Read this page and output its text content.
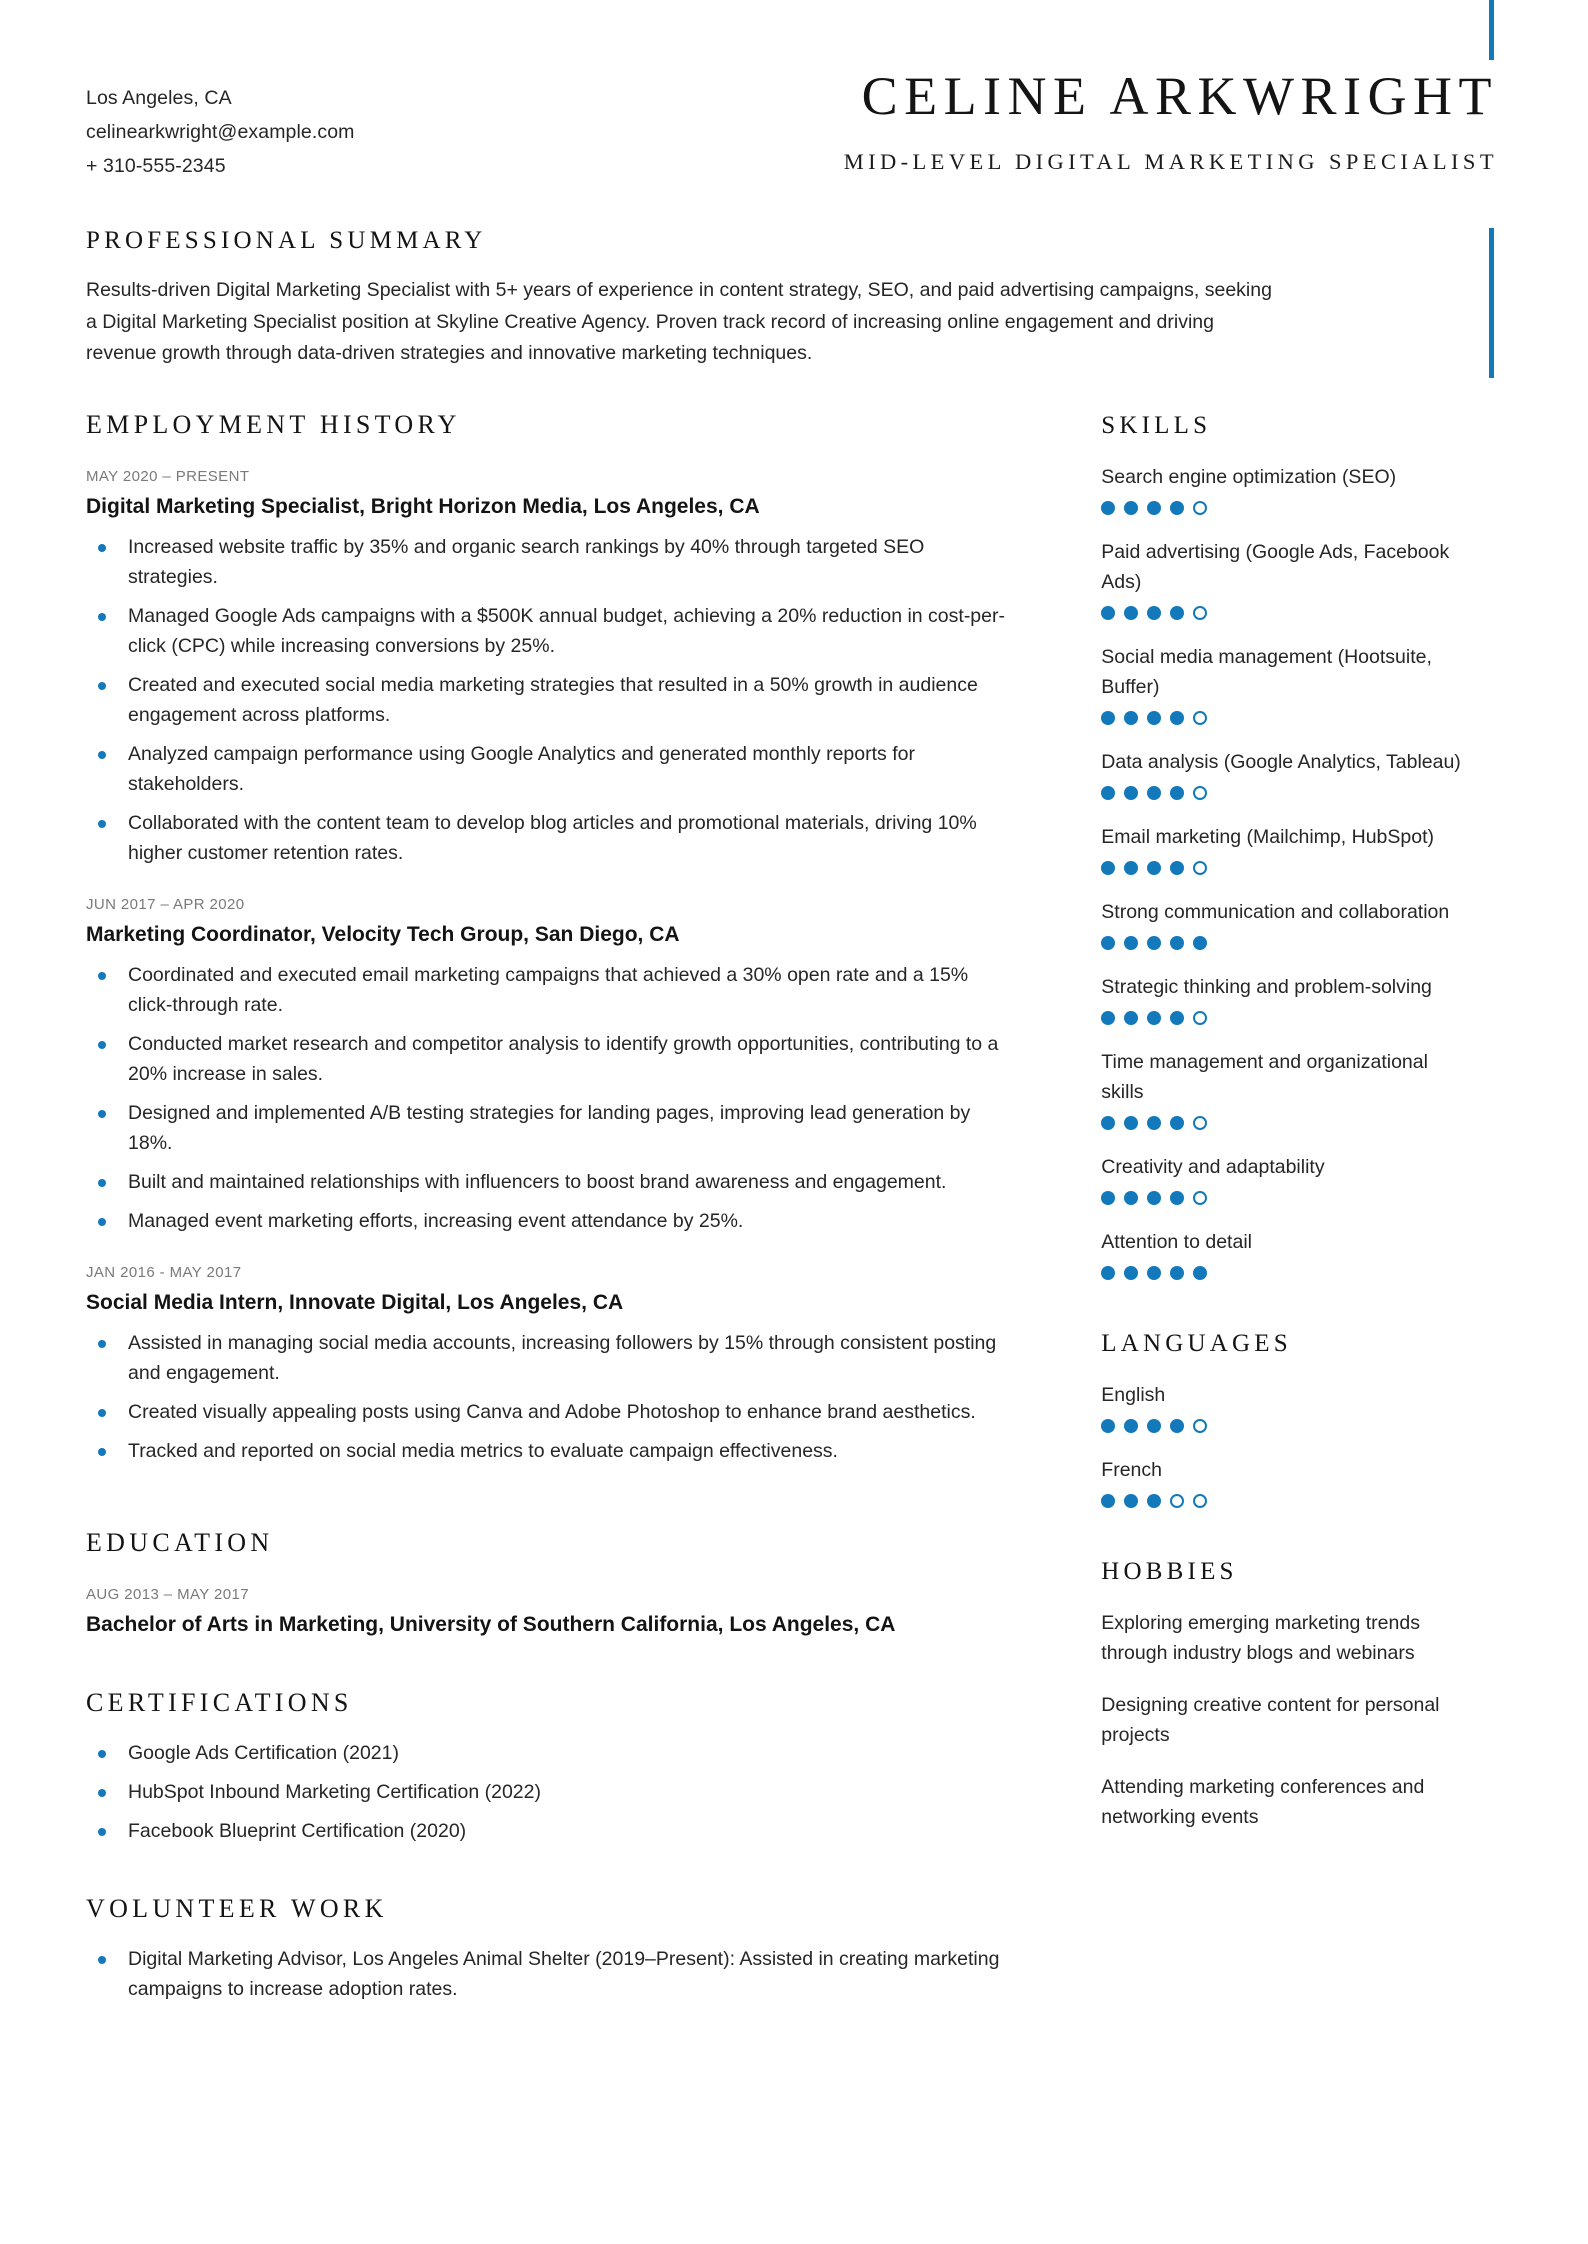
Los Angeles, CA
celinearkwright@example.com
+ 310-555-2345
CELINE ARKWRIGHT
MID-LEVEL DIGITAL MARKETING SPECIALIST
PROFESSIONAL SUMMARY
Results-driven Digital Marketing Specialist with 5+ years of experience in content strategy, SEO, and paid advertising campaigns, seeking a Digital Marketing Specialist position at Skyline Creative Agency. Proven track record of increasing online engagement and driving revenue growth through data-driven strategies and innovative marketing techniques.
EMPLOYMENT HISTORY
MAY 2020 – PRESENT
Digital Marketing Specialist, Bright Horizon Media, Los Angeles, CA
Increased website traffic by 35% and organic search rankings by 40% through targeted SEO strategies.
Managed Google Ads campaigns with a $500K annual budget, achieving a 20% reduction in cost-per-click (CPC) while increasing conversions by 25%.
Created and executed social media marketing strategies that resulted in a 50% growth in audience engagement across platforms.
Analyzed campaign performance using Google Analytics and generated monthly reports for stakeholders.
Collaborated with the content team to develop blog articles and promotional materials, driving 10% higher customer retention rates.
JUN 2017 – APR 2020
Marketing Coordinator, Velocity Tech Group, San Diego, CA
Coordinated and executed email marketing campaigns that achieved a 30% open rate and a 15% click-through rate.
Conducted market research and competitor analysis to identify growth opportunities, contributing to a 20% increase in sales.
Designed and implemented A/B testing strategies for landing pages, improving lead generation by 18%.
Built and maintained relationships with influencers to boost brand awareness and engagement.
Managed event marketing efforts, increasing event attendance by 25%.
JAN 2016 - MAY 2017
Social Media Intern, Innovate Digital, Los Angeles, CA
Assisted in managing social media accounts, increasing followers by 15% through consistent posting and engagement.
Created visually appealing posts using Canva and Adobe Photoshop to enhance brand aesthetics.
Tracked and reported on social media metrics to evaluate campaign effectiveness.
EDUCATION
AUG 2013 – MAY 2017
Bachelor of Arts in Marketing, University of Southern California, Los Angeles, CA
CERTIFICATIONS
Google Ads Certification (2021)
HubSpot Inbound Marketing Certification (2022)
Facebook Blueprint Certification (2020)
VOLUNTEER WORK
Digital Marketing Advisor, Los Angeles Animal Shelter (2019–Present): Assisted in creating marketing campaigns to increase adoption rates.
SKILLS
Search engine optimization (SEO)
Paid advertising (Google Ads, Facebook Ads)
Social media management (Hootsuite, Buffer)
Data analysis (Google Analytics, Tableau)
Email marketing (Mailchimp, HubSpot)
Strong communication and collaboration
Strategic thinking and problem-solving
Time management and organizational skills
Creativity and adaptability
Attention to detail
LANGUAGES
English
French
HOBBIES
Exploring emerging marketing trends through industry blogs and webinars
Designing creative content for personal projects
Attending marketing conferences and networking events
